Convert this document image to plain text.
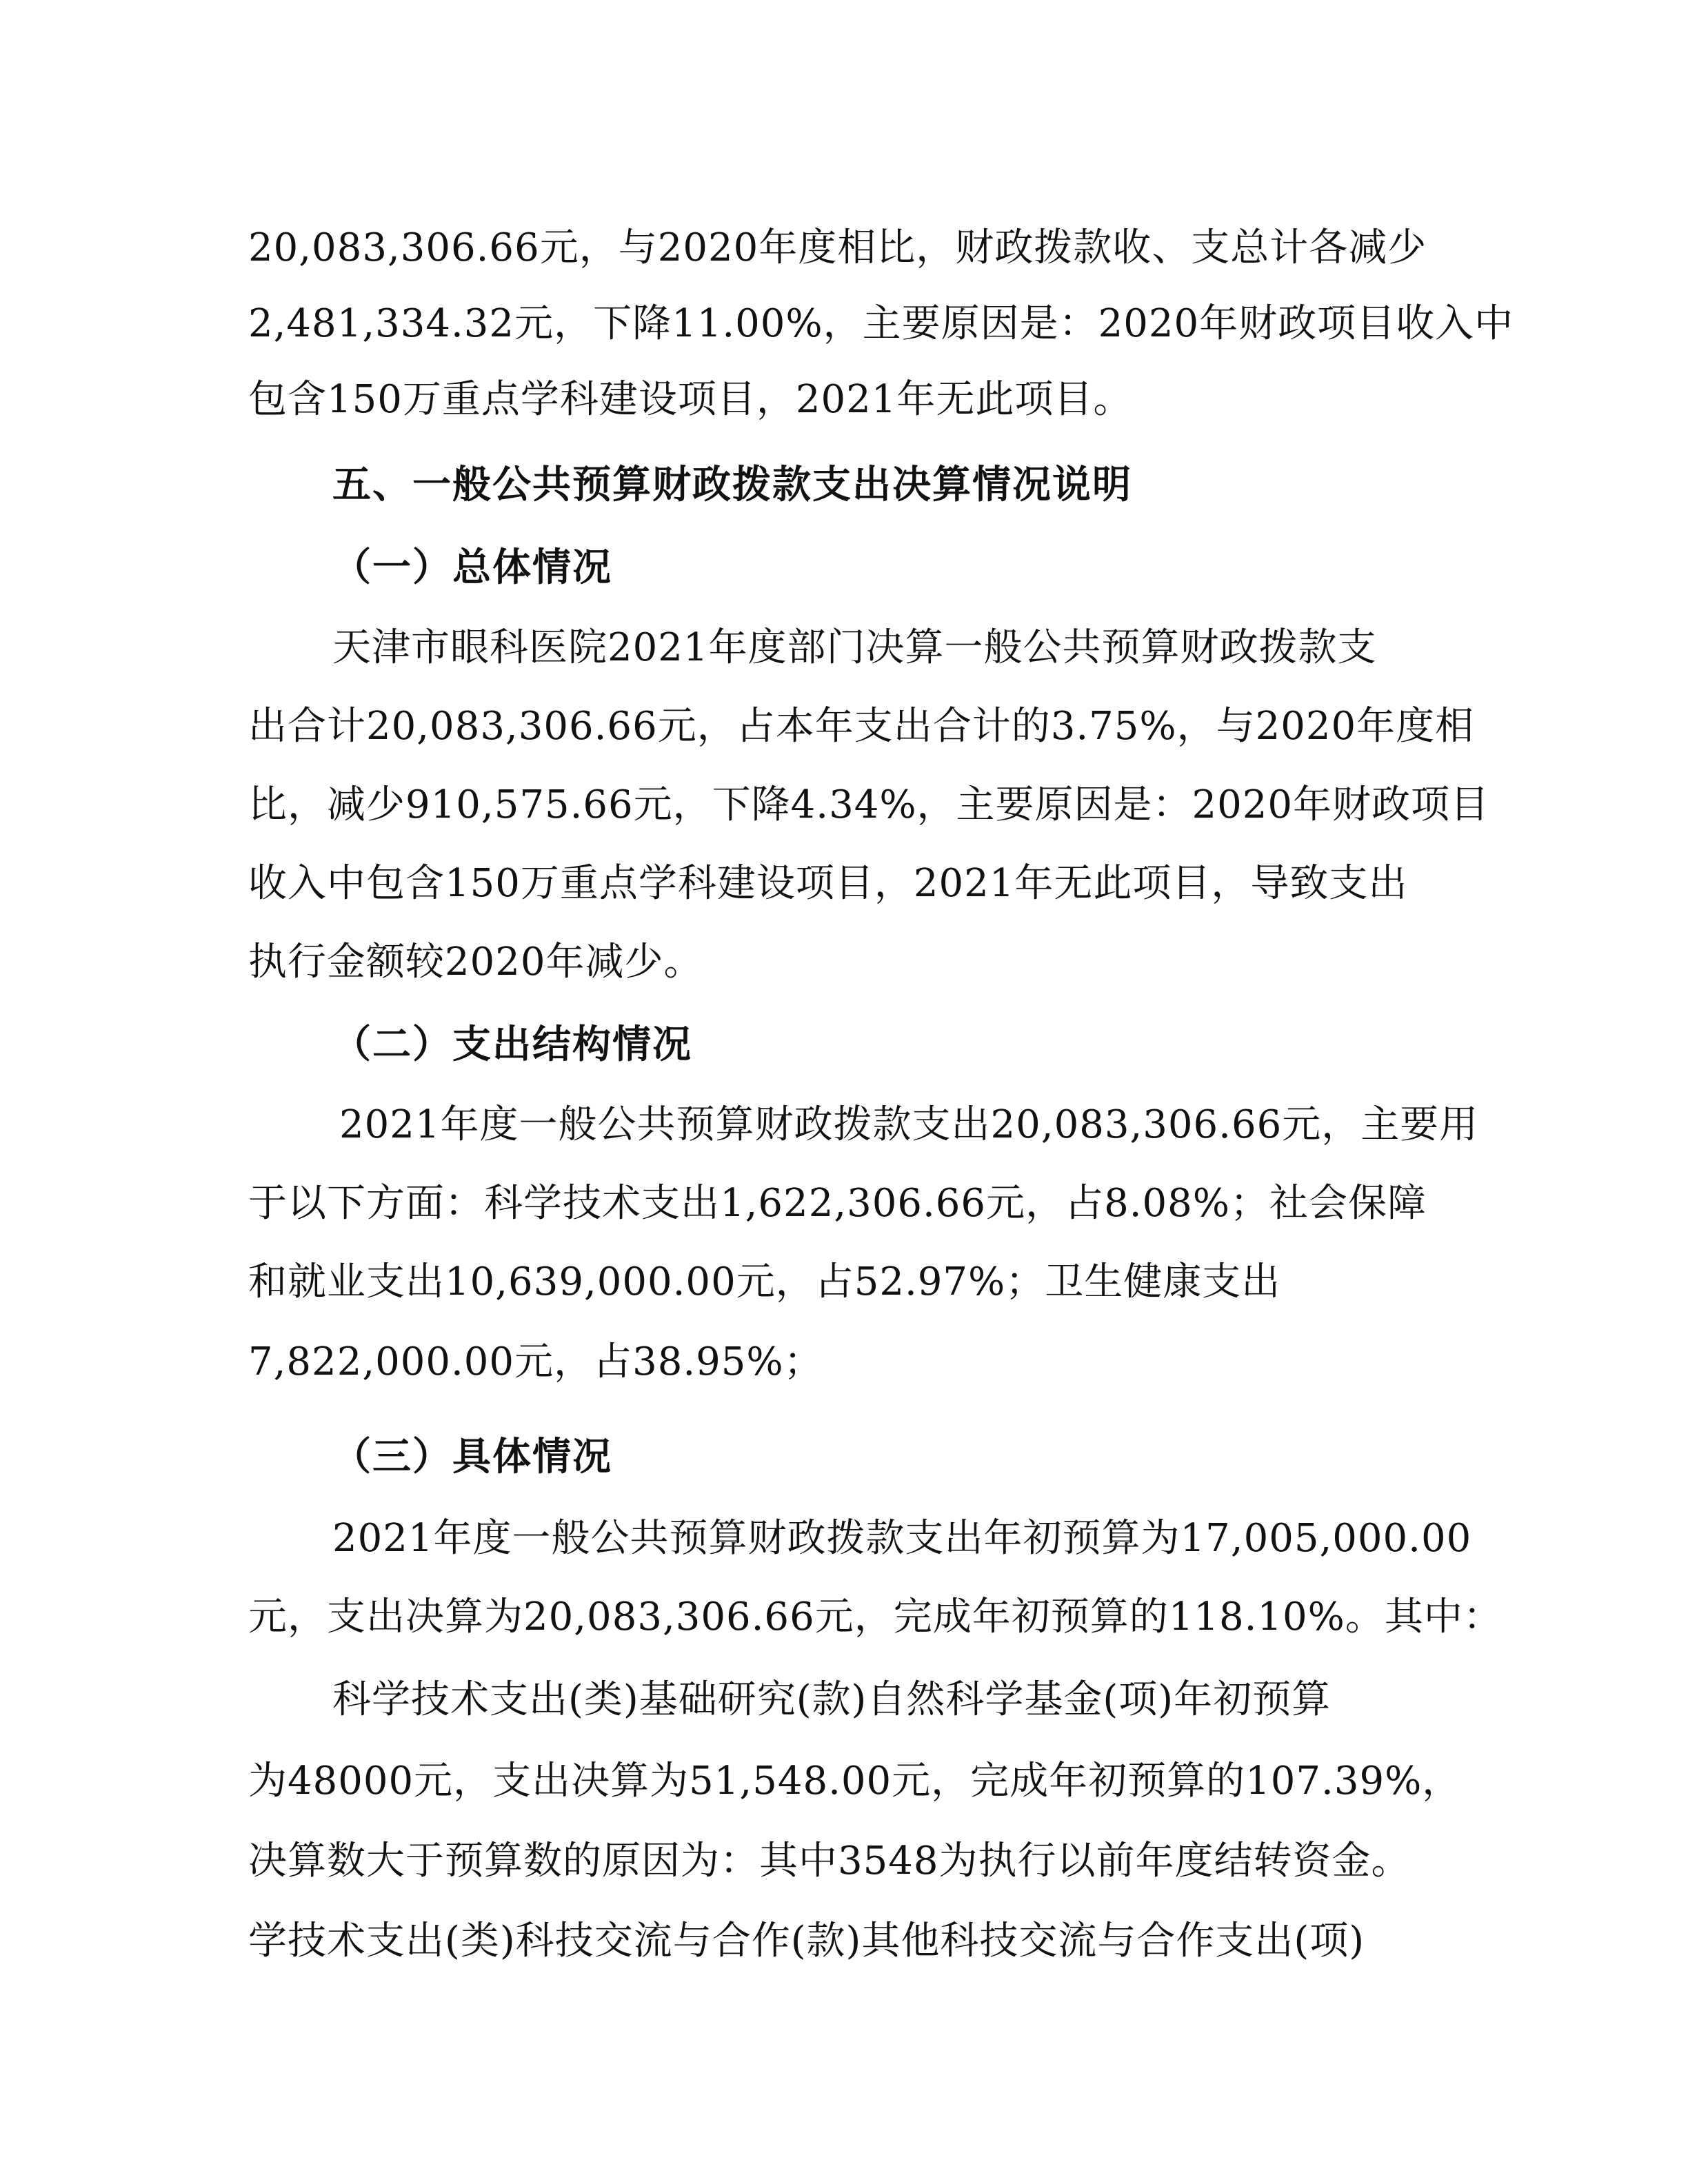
20,083,306.66元，与2020年度相比，财政拨款收、支总计各减少
2,481,334.32元，下降11.00%，主要原因是：2020年财政项目收入中
包含150万重点学科建设项目，2021年无此项目。
五、一般公共预算财政拨款支出决算情况说明
（一）总体情况
天津市眼科医院2021年度部门决算一般公共预算财政拨款支
出合计20,083,306.66元，占本年支出合计的3.75%，与2020年度相
比，减少910,575.66元，下降4.34%，主要原因是：2020年财政项目
收入中包含150万重点学科建设项目，2021年无此项目，导致支出
执行金额较2020年减少。
（二）支出结构情况
2021年度一般公共预算财政拨款支出20,083,306.66元，主要用
于以下方面：科学技术支出1,622,306.66元，占8.08%；社会保障
和就业支出10,639,000.00元，占52.97%；卫生健康支出
7,822,000.00元，占38.95%；
（三）具体情况
2021年度一般公共预算财政拨款支出年初预算为17,005,000.00
元，支出决算为20,083,306.66元，完成年初预算的118.10%。其中：
科学技术支出(类)基础研究(款)自然科学基金(项)年初预算
为48000元，支出决算为51,548.00元，完成年初预算的107.39%，
决算数大于预算数的原因为：其中3548为执行以前年度结转资金。
学技术支出(类)科技交流与合作(款)其他科技交流与合作支出(项)
